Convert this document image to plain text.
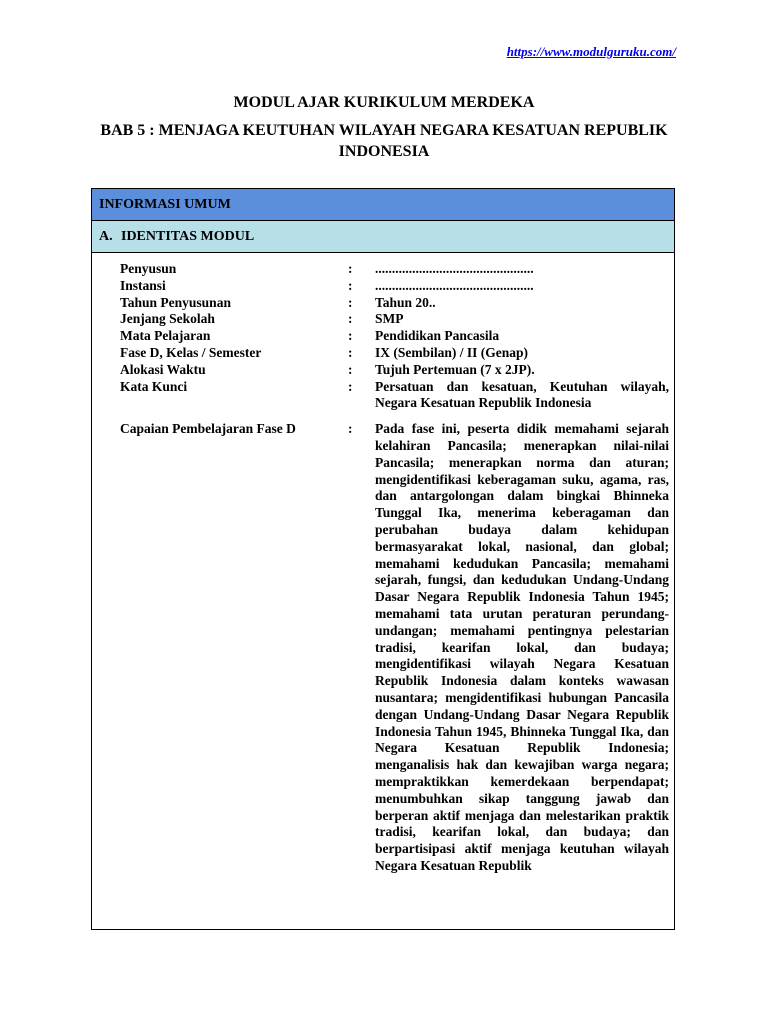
https://www.modulguruku.com/
MODUL AJAR KURIKULUM MERDEKA
BAB 5 : MENJAGA KEUTUHAN WILAYAH NEGARA KESATUAN REPUBLIK INDONESIA
INFORMASI UMUM
A. IDENTITAS MODUL
Penyusun	:	...............................................
Instansi	:	...............................................
Tahun Penyusunan	:	Tahun 20..
Jenjang Sekolah	:	SMP
Mata Pelajaran	:	Pendidikan Pancasila
Fase D, Kelas / Semester	:	IX (Sembilan) / II (Genap)
Alokasi Waktu	:	Tujuh Pertemuan (7 x 2JP).
Kata Kunci	:	Persatuan dan kesatuan, Keutuhan wilayah, Negara Kesatuan Republik Indonesia
Capaian Pembelajaran Fase D	:	Pada fase ini, peserta didik memahami sejarah kelahiran Pancasila; menerapkan nilai-nilai Pancasila; menerapkan norma dan aturan; mengidentifikasi keberagaman suku, agama, ras, dan antargolongan dalam bingkai Bhinneka Tunggal Ika, menerima keberagaman dan perubahan budaya dalam kehidupan bermasyarakat lokal, nasional, dan global; memahami kedudukan Pancasila; memahami sejarah, fungsi, dan kedudukan Undang-Undang Dasar Negara Republik Indonesia Tahun 1945; memahami tata urutan peraturan perundang-undangan; memahami pentingnya pelestarian tradisi, kearifan lokal, dan budaya; mengidentifikasi wilayah Negara Kesatuan Republik Indonesia dalam konteks wawasan nusantara; mengidentifikasi hubungan Pancasila dengan Undang-Undang Dasar Negara Republik Indonesia Tahun 1945, Bhinneka Tunggal Ika, dan Negara Kesatuan Republik Indonesia; menganalisis hak dan kewajiban warga negara; mempraktikkan kemerdekaan berpendapat; menumbuhkan sikap tanggung jawab dan berperan aktif menjaga dan melestarikan praktik tradisi, kearifan lokal, dan budaya; dan berpartisipasi aktif menjaga keutuhan wilayah Negara Kesatuan Republik
